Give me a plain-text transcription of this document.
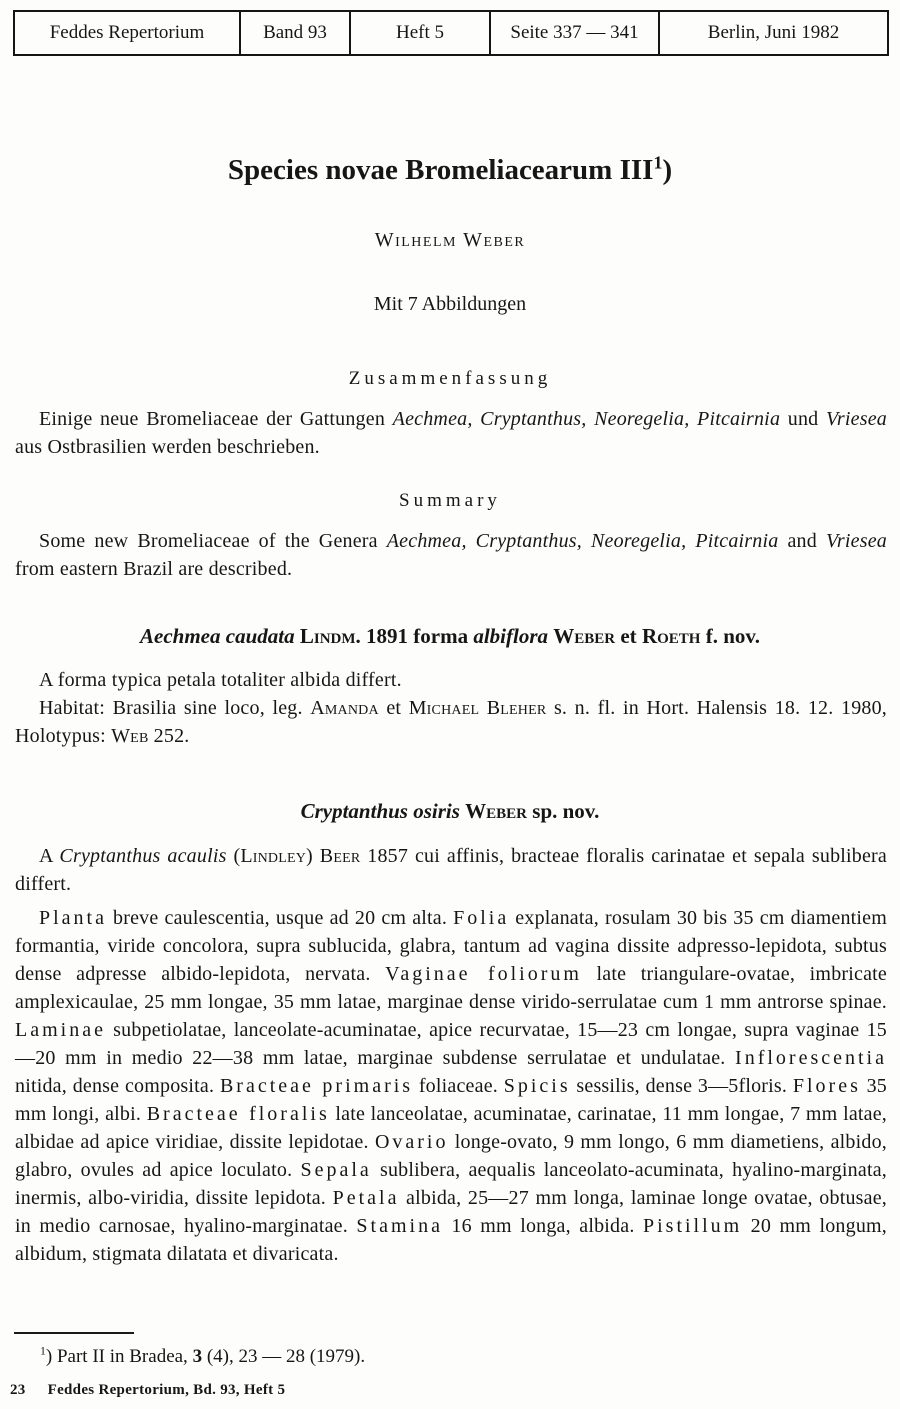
Feddes Repertorium	Band 93	Heft 5	Seite 337 — 341	Berlin, Juni 1982
Species novae Bromeliacearum III$^1$)
Wilhelm Weber
Mit 7 Abbildungen
Zusammenfassung

Einige neue Bromeliaceae der Gattungen Aechmea, Cryptanthus, Neoregelia, Pitcairnia und Vriesea aus Ostbrasilien werden beschrieben.

Summary

Some new Bromeliaceae of the Genera Aechmea, Cryptanthus, Neoregelia, Pitcairnia and Vriesea from eastern Brazil are described.

Aechmea caudata Lindm. 1891 forma albiflora Weber et Roeth f. nov.

A forma typica petala totaliter albida differt.

Habitat: Brasilia sine loco, leg. Amanda et Michael Bleher s. n. fl. in Hort. Halensis 18. 12. 1980, Holotypus: Web 252.

Cryptanthus osiris Weber sp. nov.

A Cryptanthus acaulis (Lindley) Beer 1857 cui affinis, bracteae floralis carinatae et sepala sublibera differt.

Planta breve caulescentia, usque ad 20 cm alta. Folia explanata, rosulam 30 bis 35 cm diamentiem formantia, viride concolora, supra sublucida, glabra, tantum ad vagina dissite adpresso-lepidota, subtus dense adpresse albido-lepidota, nervata. Vaginae foliorum late triangulare-ovatae, imbricate amplexicaulae, 25 mm longae, 35 mm latae, marginae dense virido-serrulatae cum 1 mm antrorse spinae. Laminae subpetiolatae, lanceolate-acuminatae, apice recurvatae, 15—23 cm longae, supra vaginae 15—20 mm in medio 22—38 mm latae, marginae subdense serrulatae et undulatae. Inflorescentia nitida, dense composita. Bracteae primaris foliaceae. Spicis sessilis, dense 3—5floris. Flores 35 mm longi, albi. Bracteae floralis late lanceolatae, acuminatae, carinatae, 11 mm longae, 7 mm latae, albidae ad apice viridiae, dissite lepidotae. Ovario longe-ovato, 9 mm longo, 6 mm diametiens, albido, glabro, ovules ad apice loculato. Sepala sublibera, aequalis lanceolato-acuminata, hyalino-marginata, inermis, albo-viridia, dissite lepidota. Petala albida, 25—27 mm longa, laminae longe ovatae, obtusae, in medio carnosae, hyalino-marginatae. Stamina 16 mm longa, albida. Pistillum 20 mm longum, albidum, stigmata dilatata et divaricata.

$^1$) Part II in Bradea, 3 (4), 23 — 28 (1979).

23 Feddes Repertorium, Bd. 93, Heft 5
